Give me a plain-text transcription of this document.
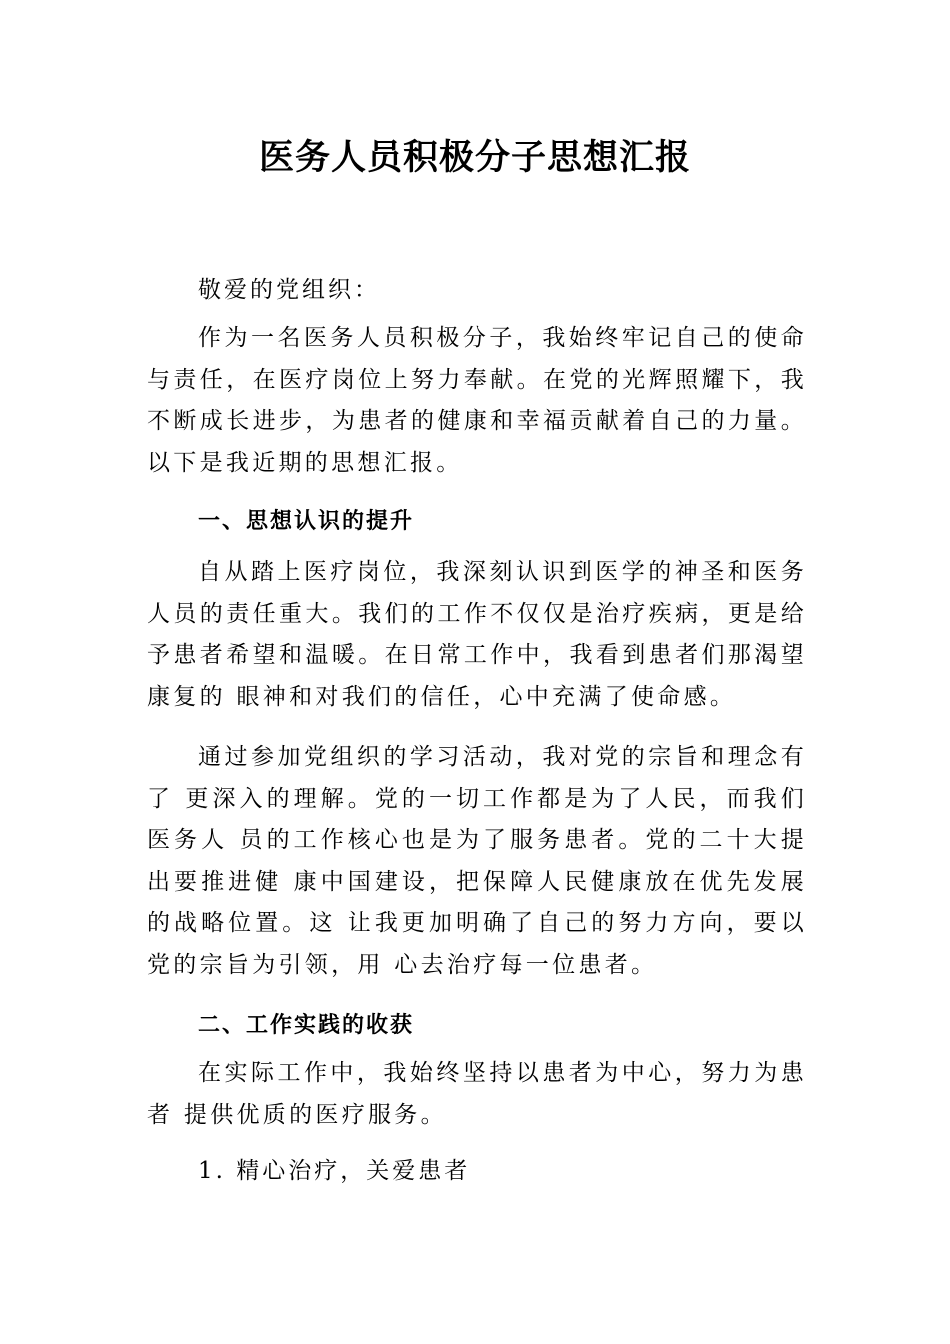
医务人员积极分子思想汇报

敬爱的党组织：

作为一名医务人员积极分子，我始终牢记自己的使命与责任，在医疗岗位上努力奉献。在党的光辉照耀下，我不断成长进步，为患者的健康和幸福贡献着自己的力量。以下是我近期的思想汇报。

一、思想认识的提升

自从踏上医疗岗位，我深刻认识到医学的神圣和医务人员的责任重大。我们的工作不仅仅是治疗疾病，更是给予患者希望和温暖。在日常工作中，我看到患者们那渴望康复的 眼神和对我们的信任，心中充满了使命感。

通过参加党组织的学习活动，我对党的宗旨和理念有了 更深入的理解。党的一切工作都是为了人民，而我们医务人 员的工作核心也是为了服务患者。党的二十大提出要推进健 康中国建设，把保障人民健康放在优先发展的战略位置。这 让我更加明确了自己的努力方向，要以党的宗旨为引领，用 心去治疗每一位患者。

二、工作实践的收获

在实际工作中，我始终坚持以患者为中心，努力为患者 提供优质的医疗服务。

1. 精心治疗，关爱患者
